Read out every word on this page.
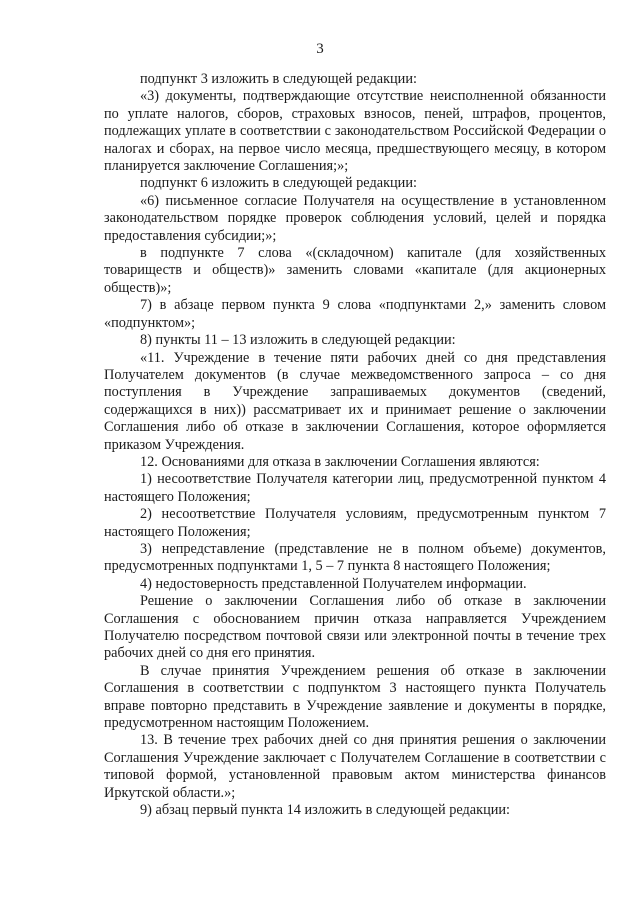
3

подпункт 3 изложить в следующей редакции:

«3) документы, подтверждающие отсутствие неисполненной обязанности по уплате налогов, сборов, страховых взносов, пеней, штрафов, процентов, подлежащих уплате в соответствии с законодательством Российской Федерации о налогах и сборах, на первое число месяца, предшествующего месяцу, в котором планируется заключение Соглашения;»;

подпункт 6 изложить в следующей редакции:

«6) письменное согласие Получателя на осуществление в установленном законодательством порядке проверок соблюдения условий, целей и порядка предоставления субсидии;»;

в подпункте 7 слова «(складочном) капитале (для хозяйственных товариществ и обществ)» заменить словами «капитале (для акционерных обществ)»;

7) в абзаце первом пункта 9 слова «подпунктами 2,» заменить словом «подпунктом»;

8) пункты 11 – 13 изложить в следующей редакции:

«11. Учреждение в течение пяти рабочих дней со дня представления Получателем документов (в случае межведомственного запроса – со дня поступления в Учреждение запрашиваемых документов (сведений, содержащихся в них)) рассматривает их и принимает решение о заключении Соглашения либо об отказе в заключении Соглашения, которое оформляется приказом Учреждения.

12. Основаниями для отказа в заключении Соглашения являются:

1) несоответствие Получателя категории лиц, предусмотренной пунктом 4 настоящего Положения;

2) несоответствие Получателя условиям, предусмотренным пунктом 7 настоящего Положения;

3) непредставление (представление не в полном объеме) документов, предусмотренных подпунктами 1, 5 – 7 пункта 8 настоящего Положения;

4) недостоверность представленной Получателем информации.

Решение о заключении Соглашения либо об отказе в заключении Соглашения с обоснованием причин отказа направляется Учреждением Получателю посредством почтовой связи или электронной почты в течение трех рабочих дней со дня его принятия.

В случае принятия Учреждением решения об отказе в заключении Соглашения в соответствии с подпунктом 3 настоящего пункта Получатель вправе повторно представить в Учреждение заявление и документы в порядке, предусмотренном настоящим Положением.

13. В течение трех рабочих дней со дня принятия решения о заключении Соглашения Учреждение заключает с Получателем Соглашение в соответствии с типовой формой, установленной правовым актом министерства финансов Иркутской области.»;

9) абзац первый пункта 14 изложить в следующей редакции:
